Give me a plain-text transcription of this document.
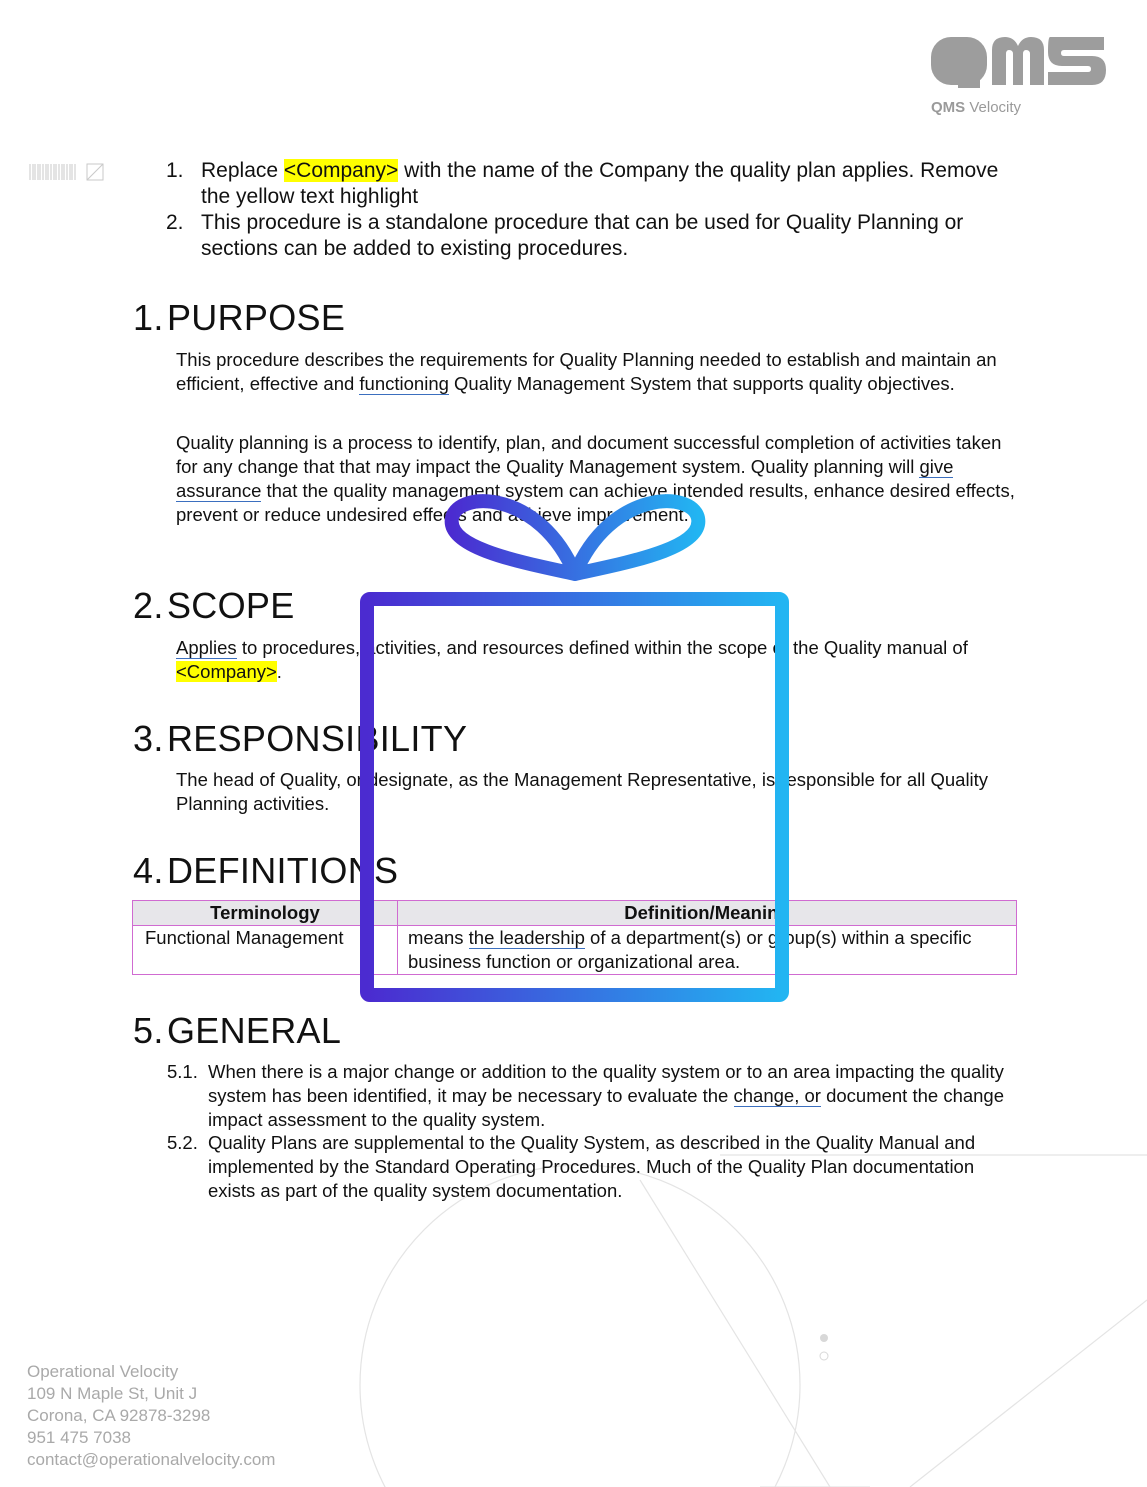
QMS Velocity
1. Replace <Company> with the name of the Company the quality plan applies. Remove the yellow text highlight
2. This procedure is a standalone procedure that can be used for Quality Planning or sections can be added to existing procedures.
1.PURPOSE
This procedure describes the requirements for Quality Planning needed to establish and maintain an efficient, effective and functioning Quality Management System that supports quality objectives.
Quality planning is a process to identify, plan, and document successful completion of activities taken for any change that that may impact the Quality Management system. Quality planning will give assurance that the quality management system can achieve intended results, enhance desired effects, prevent or reduce undesired effects and achieve improvement.
2.SCOPE
Applies to procedures, activities, and resources defined within the scope of the Quality manual of <Company>.
3.RESPONSIBILITY
The head of Quality, or designate, as the Management Representative, is responsible for all Quality Planning activities.
4.DEFINITIONS
Terminology	Definition/Meaning
Functional Management	means the leadership of a department(s) or group(s) within a specific business function or organizational area.
5.GENERAL
5.1. When there is a major change or addition to the quality system or to an area impacting the quality system has been identified, it may be necessary to evaluate the change, or document the change impact assessment to the quality system.
5.2. Quality Plans are supplemental to the Quality System, as described in the Quality Manual and implemented by the Standard Operating Procedures. Much of the Quality Plan documentation exists as part of the quality system documentation.
Operational Velocity
109 N Maple St, Unit J
Corona, CA 92878-3298
951 475 7038
contact@operationalvelocity.com
